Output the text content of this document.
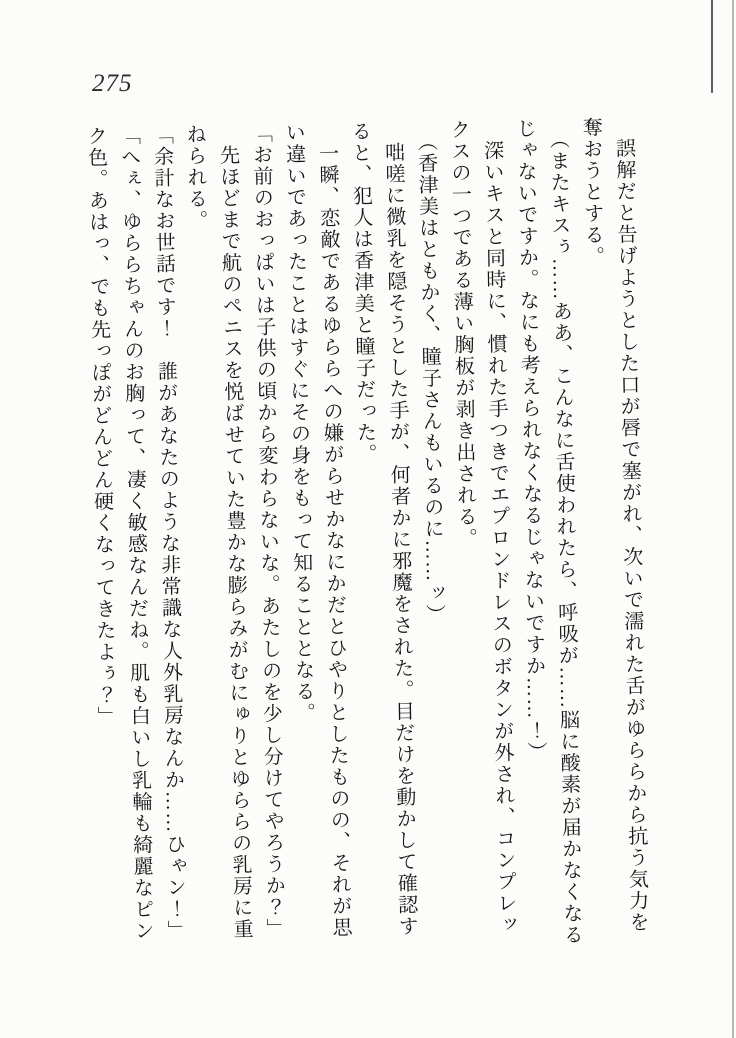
275

　誤解だと告げようとした口が唇で塞がれ、次いで濡れた舌がゆららから抗う気力を

奪おうとする。

　（またキスぅ……ああ、こんなに舌使われたら、呼吸が……脳に酸素が届かなくなる

じゃないですか。なにも考えられなくなるじゃないですか……！）

　深いキスと同時に、慣れた手つきでエプロンドレスのボタンが外され、コンプレッ

クスの一つである薄い胸板が剥き出される。

　（香津美はともかく、瞳子さんもいるのに……ッ）

　咄嗟に微乳を隠そうとした手が、何者かに邪魔をされた。目だけを動かして確認す

ると、犯人は香津美と瞳子だった。

　一瞬、恋敵であるゆららへの嫌がらせかなにかだとひやりとしたものの、それが思

い違いであったことはすぐにその身をもって知ることとなる。

「お前のおっぱいは子供の頃から変わらないな。あたしのを少し分けてやろうか？」

　先ほどまで航のペニスを悦ばせていた豊かな膨らみがむにゅりとゆららの乳房に重

ねられる。

「余計なお世話です！　誰があなたのような非常識な人外乳房なんか……ひゃン！」

「へぇ、ゆららちゃんのお胸って、凄く敏感なんだね。肌も白いし乳輪も綺麗なピン

ク色。あはっ、でも先っぽがどんどん硬くなってきたよぅ？」
